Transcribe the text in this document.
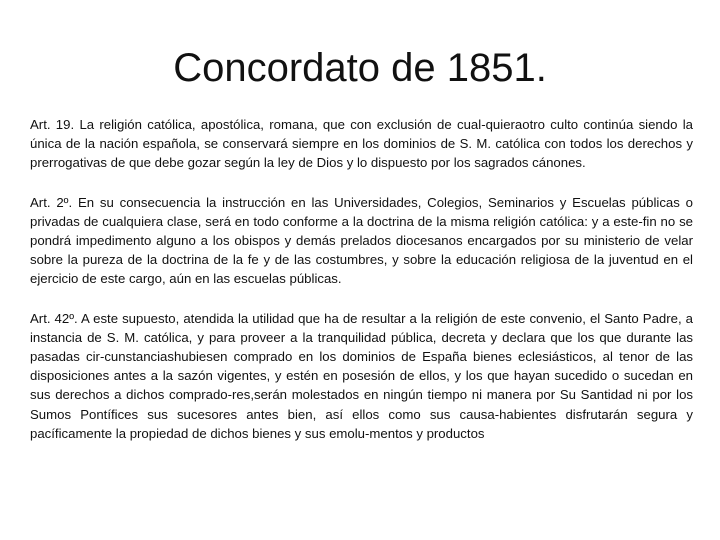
Concordato de 1851.

Art. 19. La religión católica, apostólica, romana, que con exclusión de cual-quieraotro culto continúa siendo la única de la nación española, se conservará siempre en los dominios de S. M. católica con todos los derechos y prerrogativas de que debe gozar según la ley de Dios y lo dispuesto por los sagrados cánones.

Art. 2º. En su consecuencia la instrucción en las Universidades, Colegios, Seminarios y Escuelas públicas o privadas de cualquiera clase, será en todo conforme a la doctrina de la misma religión católica: y a este‑fin no se pondrá impedimento alguno a los obispos y demás prelados diocesanos encargados por su ministerio de velar sobre la pureza de la doctrina de la fe y de las costumbres, y sobre la educación religiosa de la juventud en el ejercicio de este cargo, aún en las escuelas públicas.

Art. 42º. A este supuesto, atendida la utilidad que ha de resultar a la religión de este convenio, el Santo Padre, a instancia de S. M. católica, y para proveer a la tranquilidad pública, decreta y declara que los que durante las pasadas cir-cunstanciashubiesen comprado en los dominios de España bienes eclesiásticos, al tenor de las disposiciones antes a la sazón vigentes, y estén en posesión de ellos, y los que hayan sucedido o sucedan en sus derechos a dichos comprado-res,serán molestados en ningún tiempo ni manera por Su Santidad ni por los Sumos Pontífices sus sucesores antes bien, así ellos como sus causa‑habientes disfrutarán segura y pacíficamente la propiedad de dichos bienes y sus emolu-mentos y productos
